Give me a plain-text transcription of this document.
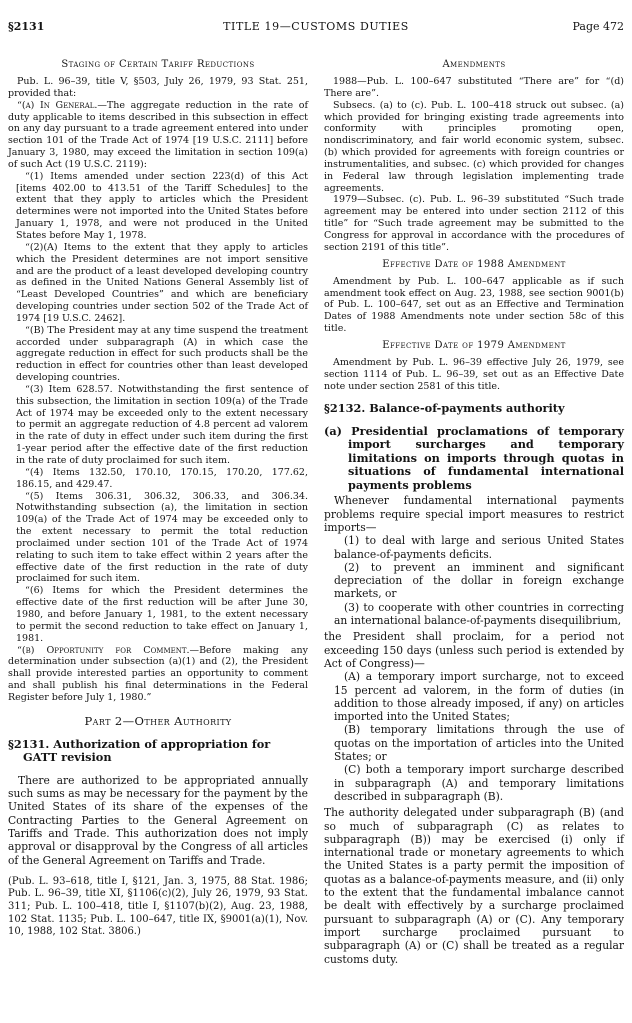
§2131	TITLE 19—CUSTOMS DUTIES	Page 472
Staging of Certain Tariff Reductions

Pub. L. 96–39, title V, §503, July 26, 1979, 93 Stat. 251, provided that:

“(a) In General.—The aggregate reduction in the rate of duty applicable to items described in this subsection in effect on any day pursuant to a trade agreement entered into under section 101 of the Trade Act of 1974 [19 U.S.C. 2111] before January 3, 1980, may exceed the limitation in section 109(a) of such Act (19 U.S.C. 2119):

“(1) Items amended under section 223(d) of this Act [items 402.00 to 413.51 of the Tariff Schedules] to the extent that they apply to articles which the President determines were not imported into the United States before January 1, 1978, and were not produced in the United States before May 1, 1978.

“(2)(A) Items to the extent that they apply to articles which the President determines are not import sensitive and are the product of a least developed developing country as defined in the United Nations General Assembly list of “Least Developed Countries” and which are beneficiary developing countries under section 502 of the Trade Act of 1974 [19 U.S.C. 2462].

“(B) The President may at any time suspend the treatment accorded under subparagraph (A) in which case the aggregate reduction in effect for such products shall be the reduction in effect for countries other than least developed developing countries.

“(3) Item 628.57. Notwithstanding the first sentence of this subsection, the limitation in section 109(a) of the Trade Act of 1974 may be exceeded only to the extent necessary to permit an aggregate reduction of 4.8 percent ad valorem in the rate of duty in effect under such item during the first 1-year period after the effective date of the first reduction in the rate of duty proclaimed for such item.

“(4) Items 132.50, 170.10, 170.15, 170.20, 177.62, 186.15, and 429.47.

“(5) Items 306.31, 306.32, 306.33, and 306.34. Notwithstanding subsection (a), the limitation in section 109(a) of the Trade Act of 1974 may be exceeded only to the extent necessary to permit the total reduction proclaimed under section 101 of the Trade Act of 1974 relating to such item to take effect within 2 years after the effective date of the first reduction in the rate of duty proclaimed for such item.

“(6) Items for which the President determines the effective date of the first reduction will be after June 30, 1980, and before January 1, 1981, to the extent necessary to permit the second reduction to take effect on January 1, 1981.

“(b) Opportunity for Comment.—Before making any determination under subsection (a)(1) and (2), the President shall provide interested parties an opportunity to comment and shall publish his final determinations in the Federal Register before July 1, 1980.”

Part 2—Other Authority
§2131. Authorization of appropriation for GATT revision

There are authorized to be appropriated annually such sums as may be necessary for the payment by the United States of its share of the expenses of the Contracting Parties to the General Agreement on Tariffs and Trade. This authorization does not imply approval or disapproval by the Congress of all articles of the General Agreement on Tariffs and Trade.

(Pub. L. 93–618, title I, §121, Jan. 3, 1975, 88 Stat. 1986; Pub. L. 96–39, title XI, §1106(c)(2), July 26, 1979, 93 Stat. 311; Pub. L. 100–418, title I, §1107(b)(2), Aug. 23, 1988, 102 Stat. 1135; Pub. L. 100–647, title IX, §9001(a)(1), Nov. 10, 1988, 102 Stat. 3806.)

Amendments

1988—Pub. L. 100–647 substituted “There are” for “(d) There are”.

Subsecs. (a) to (c). Pub. L. 100–418 struck out subsec. (a) which provided for bringing existing trade agreements into conformity with principles promoting open, nondiscriminatory, and fair world economic system, subsec. (b) which provided for agreements with foreign countries or instrumentalities, and subsec. (c) which provided for changes in Federal law through legislation implementing trade agreements.

1979—Subsec. (c). Pub. L. 96–39 substituted “Such trade agreement may be entered into under section 2112 of this title” for “Such trade agreement may be submitted to the Congress for approval in accordance with the procedures of section 2191 of this title”.

Effective Date of 1988 Amendment

Amendment by Pub. L. 100–647 applicable as if such amendment took effect on Aug. 23, 1988, see section 9001(b) of Pub. L. 100–647, set out as an Effective and Termination Dates of 1988 Amendments note under section 58c of this title.

Effective Date of 1979 Amendment

Amendment by Pub. L. 96–39 effective July 26, 1979, see section 1114 of Pub. L. 96–39, set out as an Effective Date note under section 2581 of this title.

§2132. Balance-of-payments authority
(a) Presidential proclamations of temporary import surcharges and temporary limitations on imports through quotas in situations of fundamental international payments problems

Whenever fundamental international payments problems require special import measures to restrict imports—

(1) to deal with large and serious United States balance-of-payments deficits.

(2) to prevent an imminent and significant depreciation of the dollar in foreign exchange markets, or

(3) to cooperate with other countries in correcting an international balance-of-payments disequilibrium,

the President shall proclaim, for a period not exceeding 150 days (unless such period is extended by Act of Congress)—

(A) a temporary import surcharge, not to exceed 15 percent ad valorem, in the form of duties (in addition to those already imposed, if any) on articles imported into the United States;

(B) temporary limitations through the use of quotas on the importation of articles into the United States; or

(C) both a temporary import surcharge described in subparagraph (A) and temporary limitations described in subparagraph (B).

The authority delegated under subparagraph (B) (and so much of subparagraph (C) as relates to subparagraph (B)) may be exercised (i) only if international trade or monetary agreements to which the United States is a party permit the imposition of quotas as a balance-of-payments measure, and (ii) only to the extent that the fundamental imbalance cannot be dealt with effectively by a surcharge proclaimed pursuant to subparagraph (A) or (C). Any temporary import surcharge proclaimed pursuant to subparagraph (A) or (C) shall be treated as a regular customs duty.
